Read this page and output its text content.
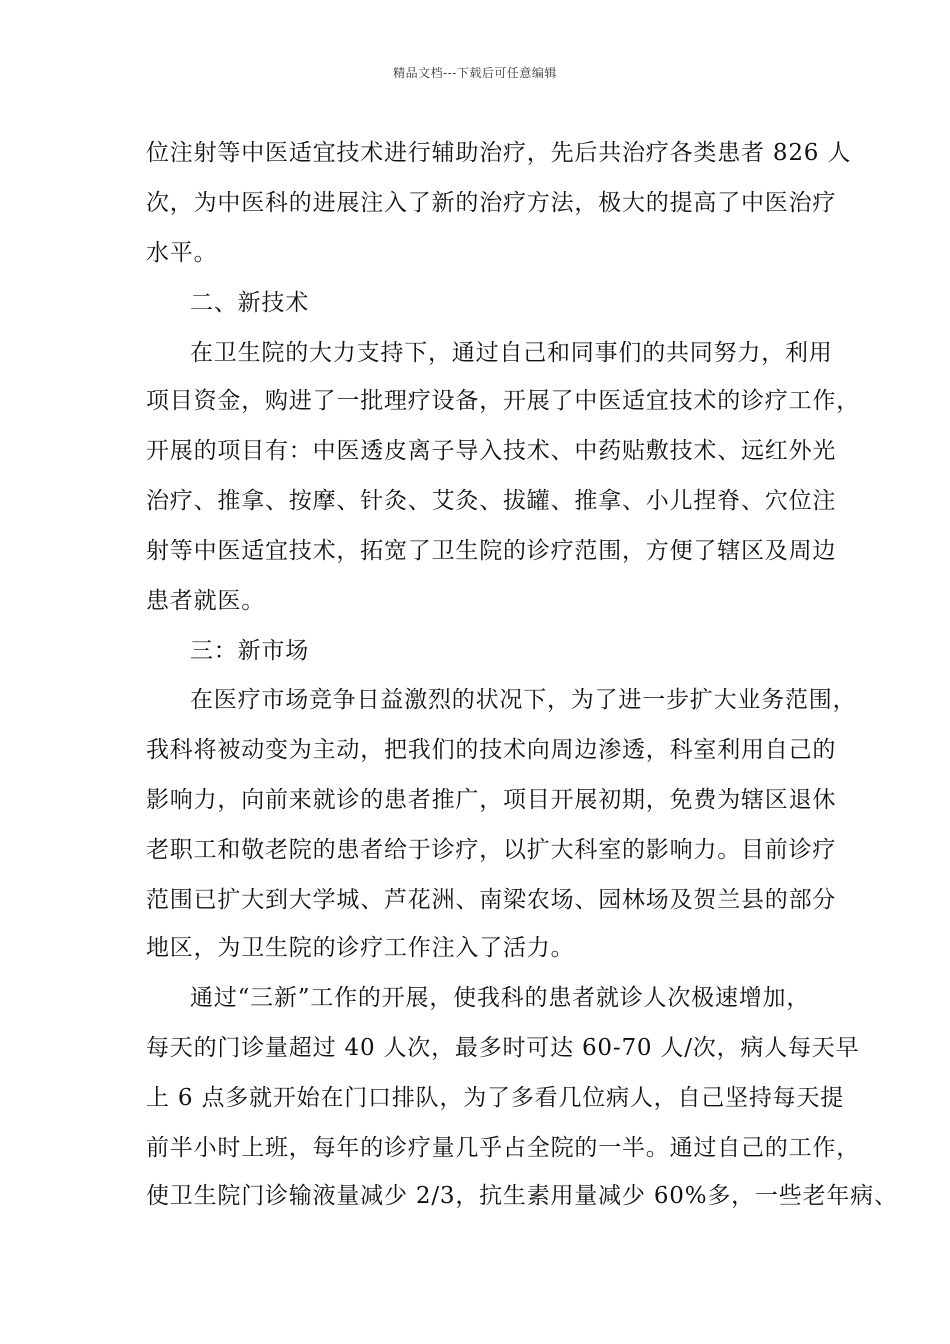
精品文档---下载后可任意编辑
位注射等中医适宜技术进行辅助治疗，先后共治疗各类患者 826 人
次，为中医科的进展注入了新的治疗方法，极大的提高了中医治疗
水平。
二、新技术
在卫生院的大力支持下，通过自己和同事们的共同努力，利用
项目资金，购进了一批理疗设备，开展了中医适宜技术的诊疗工作，
开展的项目有：中医透皮离子导入技术、中药贴敷技术、远红外光
治疗、推拿、按摩、针灸、艾灸、拔罐、推拿、小儿捏脊、穴位注
射等中医适宜技术，拓宽了卫生院的诊疗范围，方便了辖区及周边
患者就医。
三：新市场
在医疗市场竞争日益激烈的状况下，为了进一步扩大业务范围，
我科将被动变为主动，把我们的技术向周边渗透，科室利用自己的
影响力，向前来就诊的患者推广，项目开展初期，免费为辖区退休
老职工和敬老院的患者给于诊疗，以扩大科室的影响力。目前诊疗
范围已扩大到大学城、芦花洲、南梁农场、园林场及贺兰县的部分
地区，为卫生院的诊疗工作注入了活力。
通过“三新”工作的开展，使我科的患者就诊人次极速增加，
每天的门诊量超过 40 人次，最多时可达 60-70 人/次，病人每天早
上 6 点多就开始在门口排队，为了多看几位病人，自己坚持每天提
前半小时上班，每年的诊疗量几乎占全院的一半。通过自己的工作，
使卫生院门诊输液量减少 2/3，抗生素用量减少 60%多，一些老年病、
